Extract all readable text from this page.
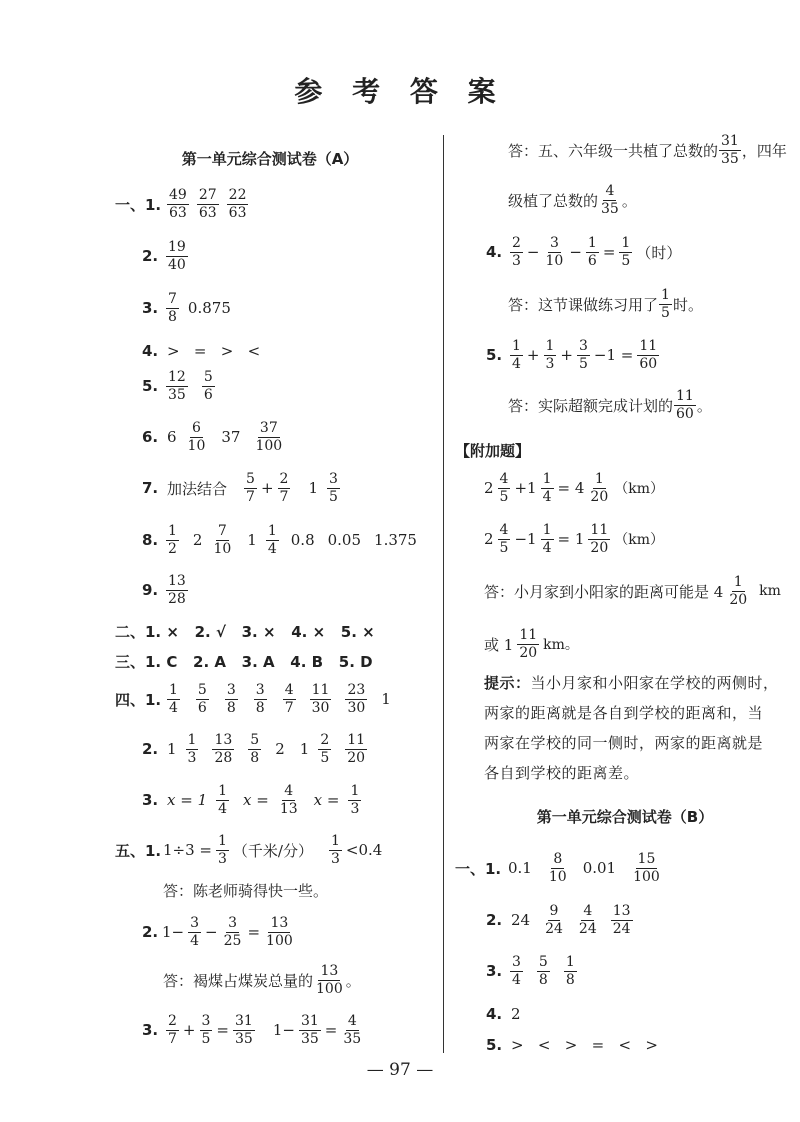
参 考 答 案
第一单元综合测试卷（A）
一、1. $\frac{49}{63} \frac{27}{63} \frac{22}{63}$
2. $\frac{19}{40}$
3. $\frac{7}{8} 0.875$
4. >   =   >   <
5. $\frac{12}{35} \frac{5}{6}$
6. $6 \frac{6}{10} 37 \frac{37}{100}$
7. 加法结合 $\frac{5}{7} + \frac{2}{7} 1 \frac{3}{5}$
8. $\frac{1}{2} 2 \frac{7}{10} 1 \frac{1}{4} 0.8$ 0.05 1.375
9. $\frac{13}{28}$
二、1. ×   2. √   3. ×   4. ×   5. ×
三、1. C   2. A   3. A   4. B   5. D
四、1. $\frac{1}{4} \frac{5}{6} \frac{3}{8} \frac{3}{8} \frac{4}{7} \frac{11}{30} \frac{23}{30} 1$
2. $1 \frac{1}{3} \frac{13}{28} \frac{5}{8} 2$ $1 \frac{2}{5} \frac{11}{20}$
3. $x = 1 \frac{1}{4}$ $x = \frac{4}{13}$ $x = \frac{1}{3}$
五、1. $1\div 3 = \frac{1}{3}$ （千米/分） $\frac{1}{3} <0.4$
答：陈老师骑得快一些。
2. $1- \frac{3}{4} - \frac{3}{25} = \frac{13}{100}$
答：褐煤占煤炭总量的 $\frac{13}{100}$ 。
3. $\frac{2}{7} + \frac{3}{5} = \frac{31}{35} 1- \frac{31}{35} = \frac{4}{35}$
答：五、六年级一共植了总数的 $\frac{31}{35}$ ，四年
级植了总数的 $\frac{4}{35}$ 。
4. $\frac{2}{3} - \frac{3}{10} - \frac{1}{6} = \frac{1}{5}$ （时）
答：这节课做练习用了 $\frac{1}{5}$ 时。
5. $\frac{1}{4} + \frac{1}{3} + \frac{3}{5} -1 = \frac{11}{60}$
答：实际超额完成计划的 $\frac{11}{60}$ 。
【附加题】
$2 \frac{4}{5} +1 \frac{1}{4} = 4 \frac{1}{20} (km)$
$2 \frac{4}{5} -1 \frac{1}{4} = 1 \frac{11}{20} (km)$
答：小月家到小阳家的距离可能是 $4 \frac{1}{20}$ km
或 $1 \frac{11}{20}$ km。
提示：当小月家和小阳家在学校的两侧时，
两家的距离就是各自到学校的距离和，当
两家在学校的同一侧时，两家的距离就是
各自到学校的距离差。
第一单元综合测试卷（B）
一、1. $0.1 \frac{8}{10} 0.01 \frac{15}{100}$
2. $24 \frac{9}{24} \frac{4}{24} \frac{13}{24}$
3. $\frac{3}{4} \frac{5}{8} \frac{1}{8}$
4. 2
5. >   <   >   =   <   >
— 97 —
